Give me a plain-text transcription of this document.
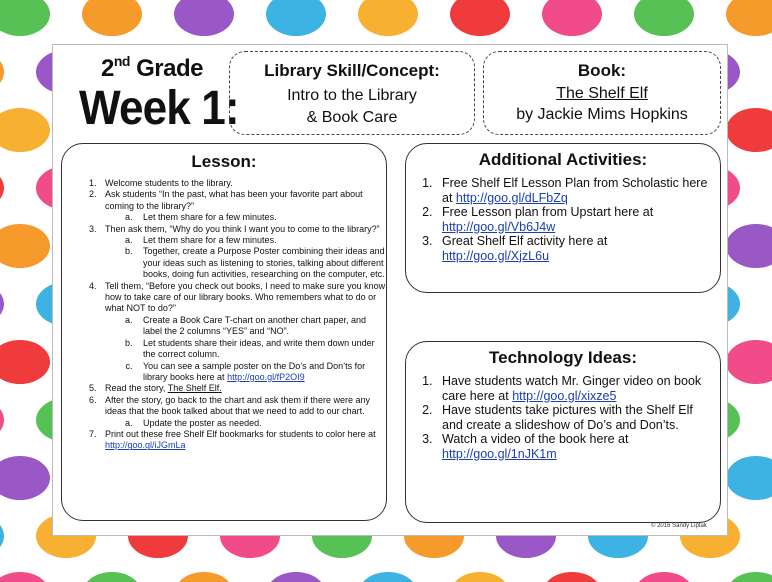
2nd Grade
Week 1:
Library Skill/Concept:
Intro to the Library
& Book Care
Book:
The Shelf Elf
by Jackie Mims Hopkins
Lesson:
1. Welcome students to the library.
2. Ask students “In the past, what has been your favorite part about coming to the library?”
a. Let them share for a few minutes.
3. Then ask them, “Why do you think I want you to come to the library?”
a. Let them share for a few minutes.
b. Together, create a Purpose Poster combining their ideas and your ideas such as listening to stories, talking about different books, doing fun activities, researching on the computer, etc.
4. Tell them, “Before you check out books, I need to make sure you know how to take care of our library books. Who remembers what to do or what NOT to do?”
a. Create a Book Care T-chart on another chart paper, and label the 2 columns “YES” and “NO”.
b. Let students share their ideas, and write them down under the correct column.
c. You can see a sample poster on the Do’s and Don’ts for library books here at http://goo.gl/fP2OI9
5. Read the story, The Shelf Elf.
6. After the story, go back to the chart and ask them if there were any ideas that the book talked about that we need to add to our chart.
a. Update the poster as needed.
7. Print out these free Shelf Elf bookmarks for students to color here at http://goo.gl/iJGmLa
Additional Activities:
1. Free Shelf Elf Lesson Plan from Scholastic here at http://goo.gl/dLFbZq
2. Free Lesson plan from Upstart here at http://goo.gl/Vb6J4w
3. Great Shelf Elf activity here at http://goo.gl/XjzL6u
Technology Ideas:
1. Have students watch Mr. Ginger video on book care here at http://goo.gl/xixze5
2. Have students take pictures with the Shelf Elf and create a slideshow of Do’s and Don’ts.
3. Watch a video of the book here at http://goo.gl/1nJK1m
© 2016 Sandy Liptak
